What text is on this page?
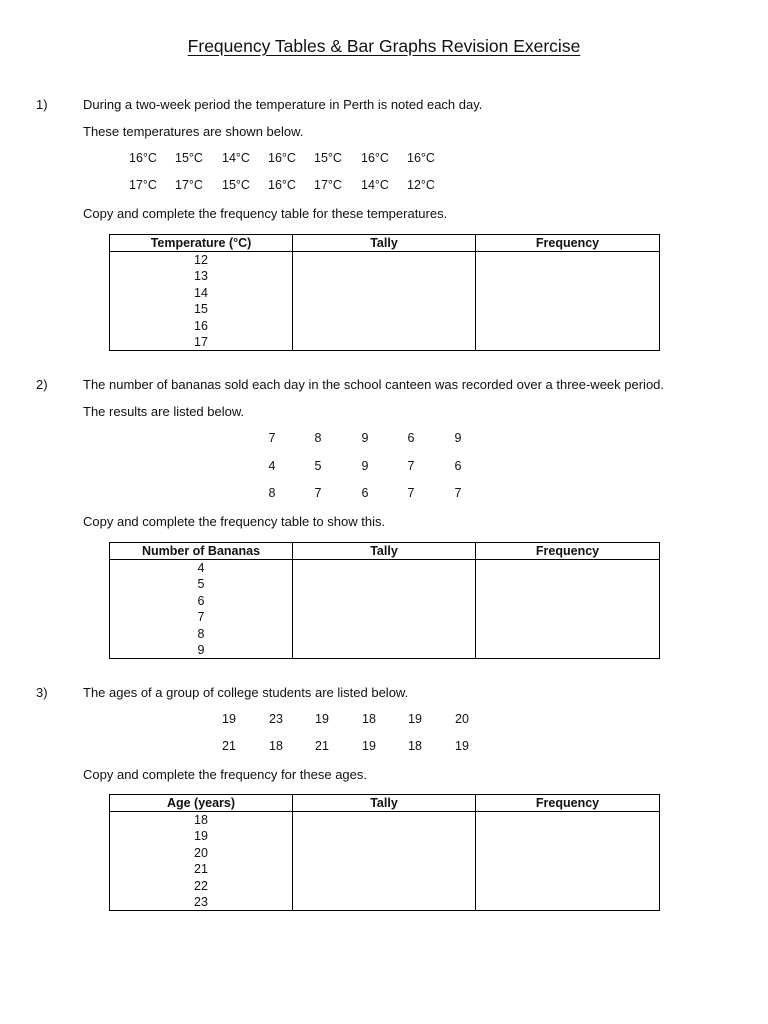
Frequency Tables & Bar Graphs Revision Exercise
1)	During a two-week period the temperature in Perth is noted each day.
These temperatures are shown below.
16°C 15°C 14°C 16°C 15°C 16°C 16°C
17°C 17°C 15°C 16°C 17°C 14°C 12°C
Copy and complete the frequency table for these temperatures.
Temperature (°C)	Tally	Frequency
12		
13		
14		
15		
16		
17		
2)	The number of bananas sold each day in the school canteen was recorded over a three-week period.
The results are listed below.
7	8	9	6	9
4	5	9	7	6
8	7	6	7	7
Copy and complete the frequency table to show this.
Number of Bananas	Tally	Frequency
4		
5		
6		
7		
8		
9		
3)	The ages of a group of college students are listed below.
19	23	19	18	19	20
21	18	21	19	18	19
Copy and complete the frequency for these ages.
Age (years)	Tally	Frequency
18		
19		
20		
21		
22		
23		
